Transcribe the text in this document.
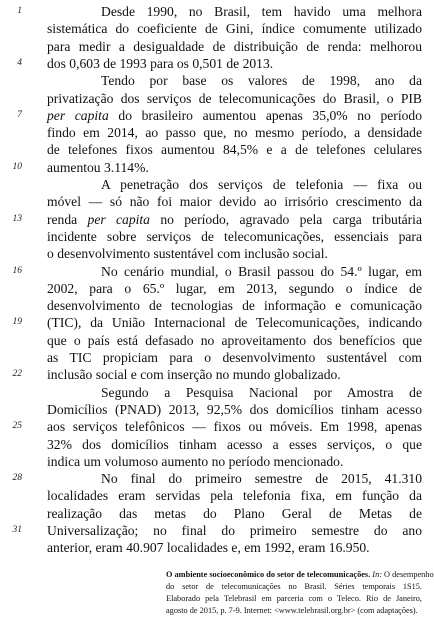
1
4
7
10
13
16
19
22
25
28
31
Desde 1990, no Brasil, tem havido uma melhora
sistemática do coeficiente de Gini, índice comumente utilizado
para medir a desigualdade de distribuição de renda: melhorou
dos 0,603 de 1993 para os 0,501 de 2013.
Tendo por base os valores de 1998, ano da
privatização dos serviços de telecomunicações do Brasil, o PIB
per capita do brasileiro aumentou apenas 35,0% no período
findo em 2014, ao passo que, no mesmo período, a densidade
de telefones fixos aumentou 84,5% e a de telefones celulares
aumentou 3.114%.
A penetração dos serviços de telefonia — fixa ou
móvel — só não foi maior devido ao irrisório crescimento da
renda per capita no período, agravado pela carga tributária
incidente sobre serviços de telecomunicações, essenciais para
o desenvolvimento sustentável com inclusão social.
No cenário mundial, o Brasil passou do 54.º lugar, em
2002, para o 65.º lugar, em 2013, segundo o índice de
desenvolvimento de tecnologias de informação e comunicação
(TIC), da União Internacional de Telecomunicações, indicando
que o país está defasado no aproveitamento dos benefícios que
as TIC propiciam para o desenvolvimento sustentável com
inclusão social e com inserção no mundo globalizado.
Segundo a Pesquisa Nacional por Amostra de
Domicílios (PNAD) 2013, 92,5% dos domicílios tinham acesso
aos serviços telefônicos — fixos ou móveis. Em 1998, apenas
32% dos domicílios tinham acesso a esses serviços, o que
indica um volumoso aumento no período mencionado.
No final do primeiro semestre de 2015, 41.310
localidades eram servidas pela telefonia fixa, em função da
realização das metas do Plano Geral de Metas de
Universalização; no final do primeiro semestre do ano
anterior, eram 40.907 localidades e, em 1992, eram 16.950.
O ambiente socioeconômico do setor de telecomunicações. In: O desempenho
do setor de telecomunicações no Brasil. Séries temporais 1S15.
Elaborado pela Telebrasil em parceria com o Teleco. Rio de Janeiro,
agosto de 2015, p. 7-9. Internet: <www.telebrasil.org.br> (com adaptações).
